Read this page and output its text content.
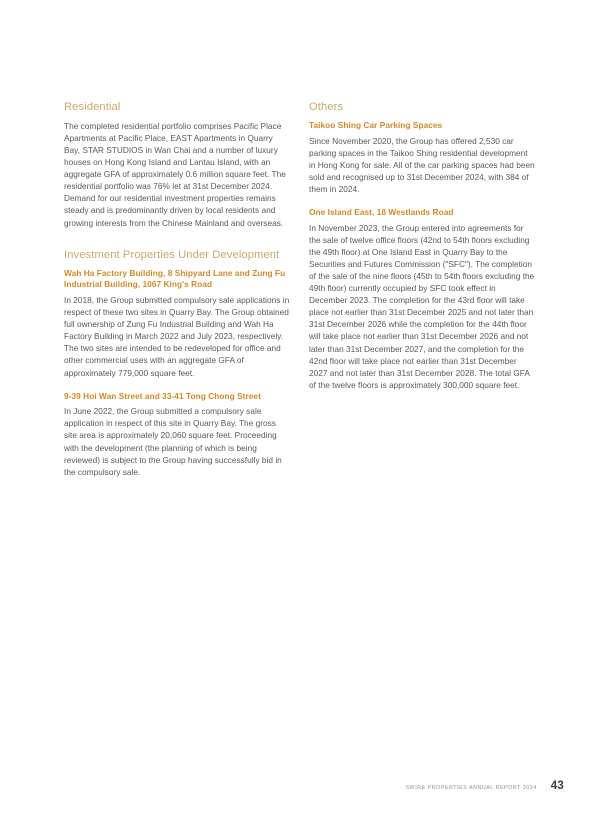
Residential

The completed residential portfolio comprises Pacific Place Apartments at Pacific Place, EAST Apartments in Quarry Bay, STAR STUDIOS in Wan Chai and a number of luxury houses on Hong Kong Island and Lantau Island, with an aggregate GFA of approximately 0.6 million square feet. The residential portfolio was 76% let at 31st December 2024. Demand for our residential investment properties remains steady and is predominantly driven by local residents and growing interests from the Chinese Mainland and overseas.

Investment Properties Under Development
Wah Ha Factory Building, 8 Shipyard Lane and Zung Fu Industrial Building, 1067 King's Road

In 2018, the Group submitted compulsory sale applications in respect of these two sites in Quarry Bay. The Group obtained full ownership of Zung Fu Industrial Building and Wah Ha Factory Building in March 2022 and July 2023, respectively. The two sites are intended to be redeveloped for office and other commercial uses with an aggregate GFA of approximately 779,000 square feet.

9-39 Hoi Wan Street and 33-41 Tong Chong Street

In June 2022, the Group submitted a compulsory sale application in respect of this site in Quarry Bay. The gross site area is approximately 20,060 square feet. Proceeding with the development (the planning of which is being reviewed) is subject to the Group having successfully bid in the compulsory sale.

Others
Taikoo Shing Car Parking Spaces

Since November 2020, the Group has offered 2,530 car parking spaces in the Taikoo Shing residential development in Hong Kong for sale. All of the car parking spaces had been sold and recognised up to 31st December 2024, with 384 of them in 2024.

One Island East, 18 Westlands Road

In November 2023, the Group entered into agreements for the sale of twelve office floors (42nd to 54th floors excluding the 49th floor) at One Island East in Quarry Bay to the Securities and Futures Commission ("SFC"). The completion of the sale of the nine floors (45th to 54th floors excluding the 49th floor) currently occupied by SFC took effect in December 2023. The completion for the 43rd floor will take place not earlier than 31st December 2025 and not later than 31st December 2026 while the completion for the 44th floor will take place not earlier than 31st December 2026 and not later than 31st December 2027, and the completion for the 42nd floor will take place not earlier than 31st December 2027 and not later than 31st December 2028. The total GFA of the twelve floors is approximately 300,000 square feet.

SWIRE PROPERTIES ANNUAL REPORT 2024 43
